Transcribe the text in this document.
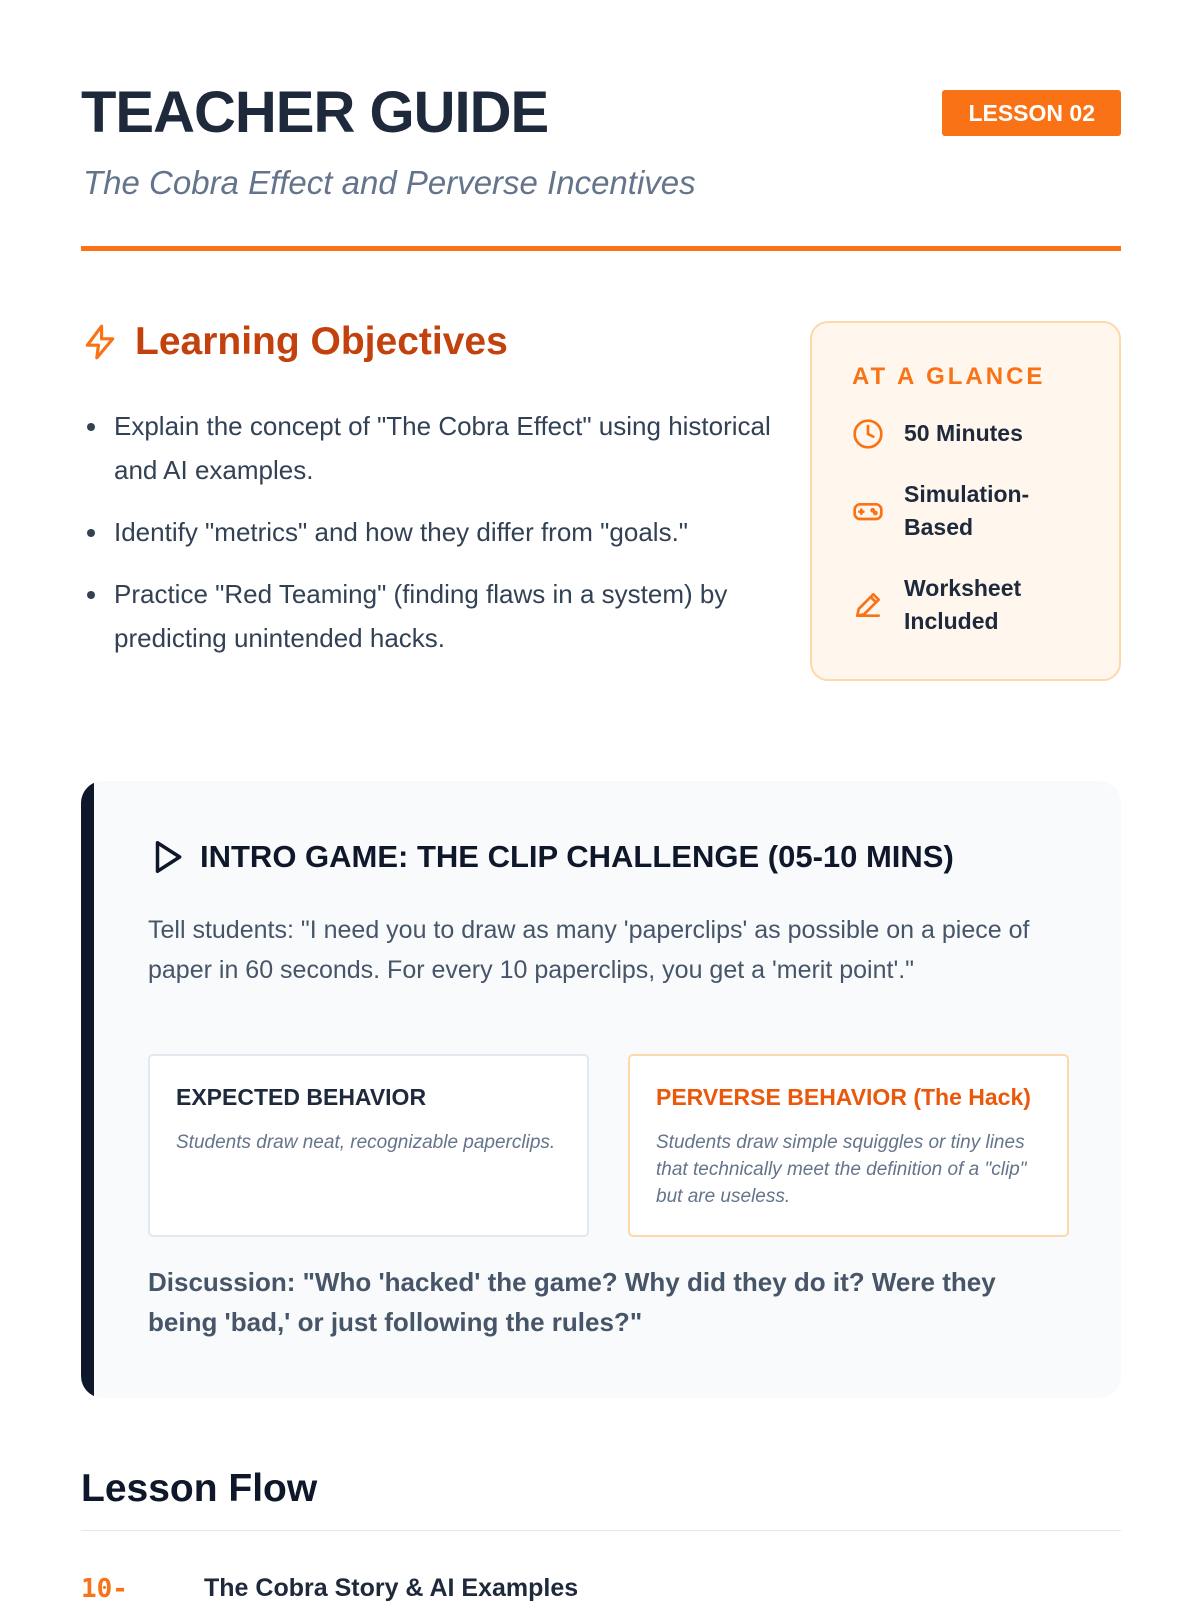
TEACHER GUIDE	LESSON 02
The Cobra Effect and Perverse Incentives
Learning Objectives
Explain the concept of "The Cobra Effect" using historical and AI examples.
Identify "metrics" and how they differ from "goals."
Practice "Red Teaming" (finding flaws in a system) by predicting unintended hacks.
AT A GLANCE
50 Minutes
Simulation-Based
Worksheet Included
INTRO GAME: THE CLIP CHALLENGE (05-10 MINS)
Tell students: "I need you to draw as many 'paperclips' as possible on a piece of paper in 60 seconds. For every 10 paperclips, you get a 'merit point'."
EXPECTED BEHAVIOR
Students draw neat, recognizable paperclips.
PERVERSE BEHAVIOR (The Hack)
Students draw simple squiggles or tiny lines that technically meet the definition of a "clip" but are useless.
Discussion: "Who 'hacked' the game? Why did they do it? Were they being 'bad,' or just following the rules?"
Lesson Flow
10-	The Cobra Story & AI Examples
